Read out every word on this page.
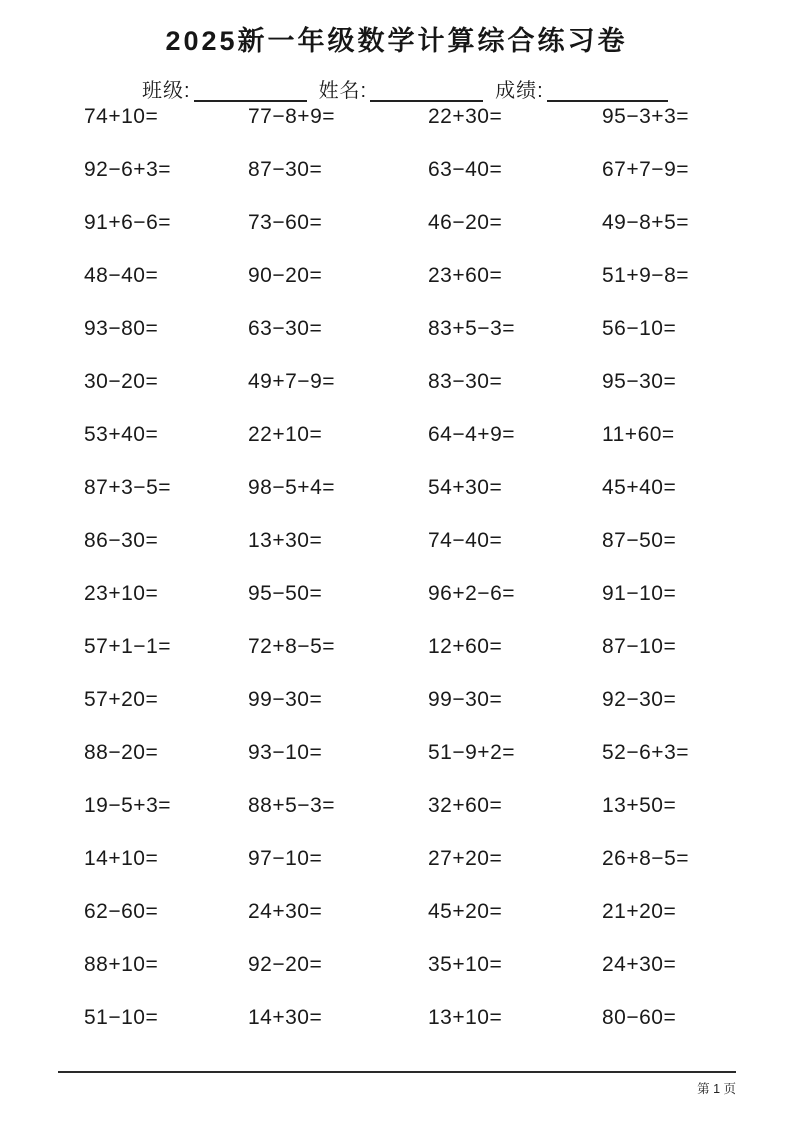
2025新一年级数学计算综合练习卷
班级:	姓名:	成绩:
74+10=	77−8+9=	22+30=	95−3+3=
92−6+3=	87−30=	63−40=	67+7−9=
91+6−6=	73−60=	46−20=	49−8+5=
48−40=	90−20=	23+60=	51+9−8=
93−80=	63−30=	83+5−3=	56−10=
30−20=	49+7−9=	83−30=	95−30=
53+40=	22+10=	64−4+9=	11+60=
87+3−5=	98−5+4=	54+30=	45+40=
86−30=	13+30=	74−40=	87−50=
23+10=	95−50=	96+2−6=	91−10=
57+1−1=	72+8−5=	12+60=	87−10=
57+20=	99−30=	99−30=	92−30=
88−20=	93−10=	51−9+2=	52−6+3=
19−5+3=	88+5−3=	32+60=	13+50=
14+10=	97−10=	27+20=	26+8−5=
62−60=	24+30=	45+20=	21+20=
88+10=	92−20=	35+10=	24+30=
51−10=	14+30=	13+10=	80−60=
第 1 页
